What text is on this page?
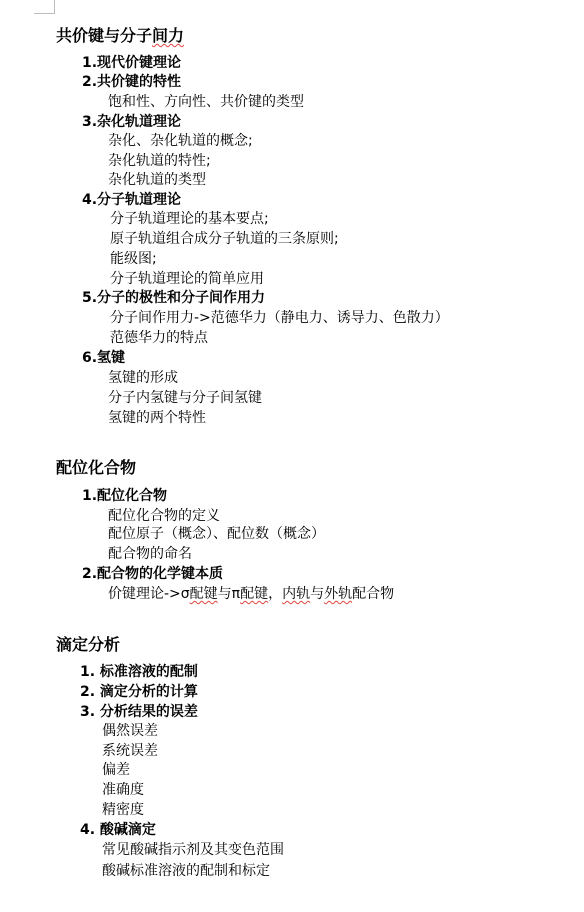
共价键与分子间力
1.现代价键理论
2.共价键的特性
饱和性、方向性、共价键的类型
3.杂化轨道理论
杂化、杂化轨道的概念;
杂化轨道的特性;
杂化轨道的类型
4.分子轨道理论
分子轨道理论的基本要点;
原子轨道组合成分子轨道的三条原则;
能级图;
分子轨道理论的简单应用
5.分子的极性和分子间作用力
分子间作用力->范德华力（静电力、诱导力、色散力）
范德华力的特点
6.氢键
氢键的形成
分子内氢键与分子间氢键
氢键的两个特性
配位化合物
1.配位化合物
配位化合物的定义
配位原子（概念）、配位数（概念）
配合物的命名
2.配合物的化学键本质
价键理论->σ配键与π配键，内轨与外轨配合物
滴定分析
1. 标准溶液的配制
2. 滴定分析的计算
3. 分析结果的误差
偶然误差
系统误差
偏差
准确度
精密度
4. 酸碱滴定
常见酸碱指示剂及其变色范围
酸碱标准溶液的配制和标定
